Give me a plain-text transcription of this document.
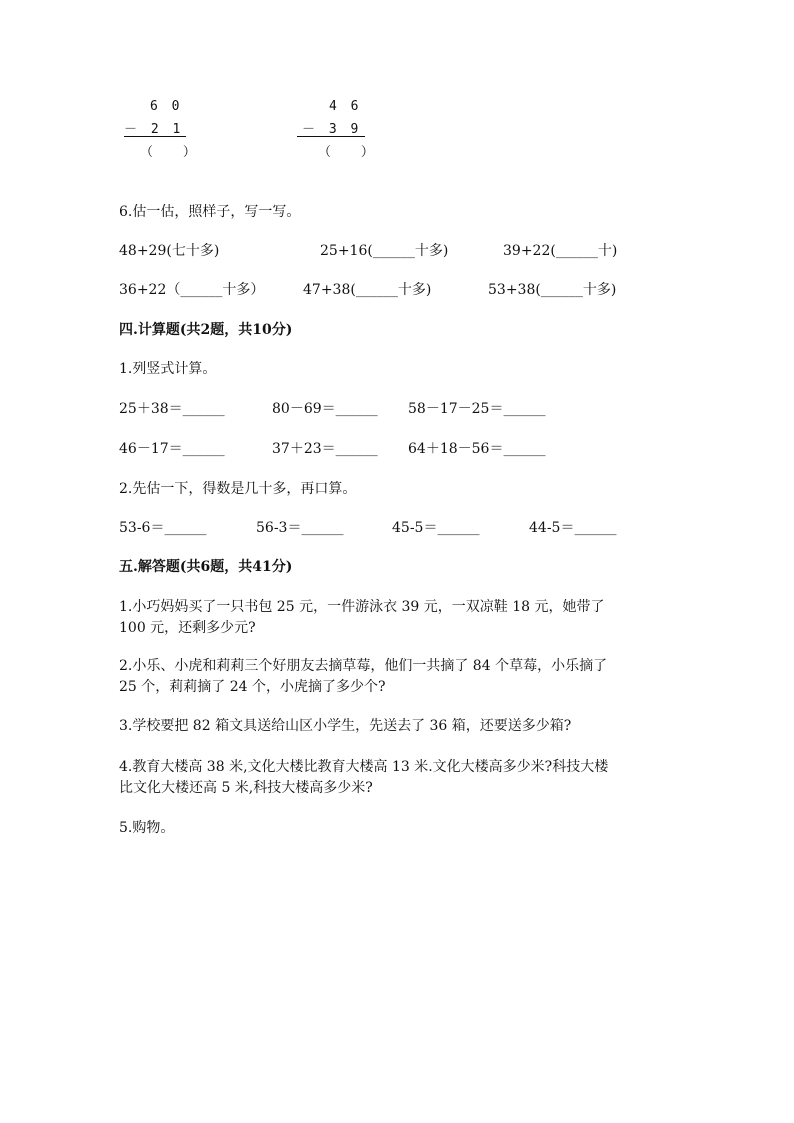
6 0
－ 2 1
（　 ）
4 6
－ 3 9
（　 ）
6.估一估，照样子，写一写。
48+29(七十多)	25+16(______十多)	39+22(______十)
36+22（______十多）	47+38(______十多)	53+38(______十多)
四.计算题(共2题，共10分)
1.列竖式计算。
25＋38＝______	80－69＝______ 58－17－25＝______
46－17＝______	37＋23＝______ 64＋18－56＝______
2.先估一下，得数是几十多，再口算。
53-6＝______	56-3＝______	45-5＝______	44-5＝______
五.解答题(共6题，共41分)
1.小巧妈妈买了一只书包 25 元，一件游泳衣 39 元，一双凉鞋 18 元，她带了
100 元，还剩多少元?
2.小乐、小虎和莉莉三个好朋友去摘草莓，他们一共摘了 84 个草莓，小乐摘了
25 个，莉莉摘了 24 个，小虎摘了多少个?
3.学校要把 82 箱文具送给山区小学生，先送去了 36 箱，还要送多少箱?
4.教育大楼高 38 米,文化大楼比教育大楼高 13 米.文化大楼高多少米?科技大楼
比文化大楼还高 5 米,科技大楼高多少米?
5.购物。
